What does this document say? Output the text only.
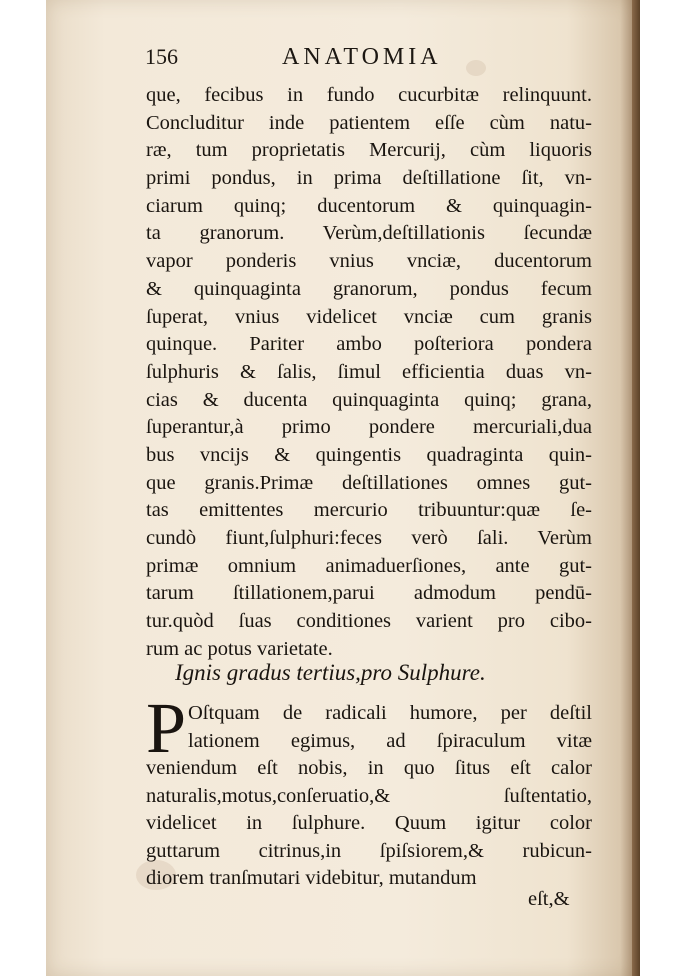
156	ANATOMIA
que, fecibus in fundo cucurbitæ relinquunt.
Concluditur inde patientem eſſe cùm natu-
ræ, tum proprietatis Mercurij, cùm liquoris
primi pondus, in prima deſtillatione ſit, vn-
ciarum quinq; ducentorum & quinquagin-
ta granorum. Verùm,deſtillationis ſecundæ
vapor ponderis vnius vnciæ, ducentorum
& quinquaginta granorum, pondus fecum
ſuperat, vnius videlicet vnciæ cum granis
quinque. Pariter ambo poſteriora pondera
ſulphuris & ſalis, ſimul efficientia duas vn-
cias & ducenta quinquaginta quinq; grana,
ſuperantur,à primo pondere mercuriali,dua
bus vncijs & quingentis quadraginta quin-
que granis.Primæ deſtillationes omnes gut-
tas emittentes mercurio tribuuntur:quæ ſe-
cundò fiunt,ſulphuri:feces verò ſali. Verùm
primæ omnium animaduerſiones, ante gut-
tarum ſtillationem,parui admodum pendū-
tur.quòd ſuas conditiones varient pro cibo-
rum ac potus varietate.
Ignis gradus tertius,pro Sulphure.
P Oſtquam de radicali humore, per deſtil
lationem egimus, ad ſpiraculum vitæ
veniendum eſt nobis, in quo ſitus eſt calor
naturalis,motus,conſeruatio,& ſuſtentatio,
videlicet in ſulphure. Quum igitur color
guttarum citrinus,in ſpiſsiorem,& rubicun-
diorem tranſmutari videbitur, mutandum
eſt,&
